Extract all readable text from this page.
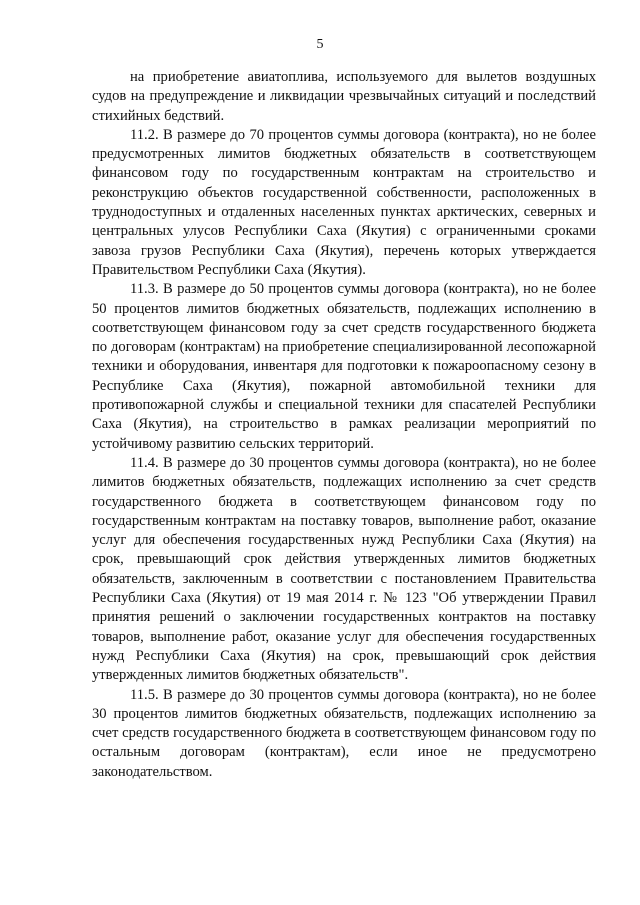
5

на приобретение авиатоплива, используемого для вылетов воздушных судов на предупреждение и ликвидации чрезвычайных ситуаций и последствий стихийных бедствий.

11.2. В размере до 70 процентов суммы договора (контракта), но не более предусмотренных лимитов бюджетных обязательств в соответствующем финансовом году по государственным контрактам на строительство и реконструкцию объектов государственной собственности, расположенных в труднодоступных и отдаленных населенных пунктах арктических, северных и центральных улусов Республики Саха (Якутия) с ограниченными сроками завоза грузов Республики Саха (Якутия), перечень которых утверждается Правительством Республики Саха (Якутия).

11.3. В размере до 50 процентов суммы договора (контракта), но не более 50 процентов лимитов бюджетных обязательств, подлежащих исполнению в соответствующем финансовом году за счет средств государственного бюджета по договорам (контрактам) на приобретение специализированной лесопожарной техники и оборудования, инвентаря для подготовки к пожароопасному сезону в Республике Саха (Якутия), пожарной автомобильной техники для противопожарной службы и специальной техники для спасателей Республики Саха (Якутия), на строительство в рамках реализации мероприятий по устойчивому развитию сельских территорий.

11.4. В размере до 30 процентов суммы договора (контракта), но не более лимитов бюджетных обязательств, подлежащих исполнению за счет средств государственного бюджета в соответствующем финансовом году по государственным контрактам на поставку товаров, выполнение работ, оказание услуг для обеспечения государственных нужд Республики Саха (Якутия) на срок, превышающий срок действия утвержденных лимитов бюджетных обязательств, заключенным в соответствии с постановлением Правительства Республики Саха (Якутия) от 19 мая 2014 г. № 123 "Об утверждении Правил принятия решений о заключении государственных контрактов на поставку товаров, выполнение работ, оказание услуг для обеспечения государственных нужд Республики Саха (Якутия) на срок, превышающий срок действия утвержденных лимитов бюджетных обязательств".

11.5. В размере до 30 процентов суммы договора (контракта), но не более 30 процентов лимитов бюджетных обязательств, подлежащих исполнению за счет средств государственного бюджета в соответствующем финансовом году по остальным договорам (контрактам), если иное не предусмотрено законодательством.
